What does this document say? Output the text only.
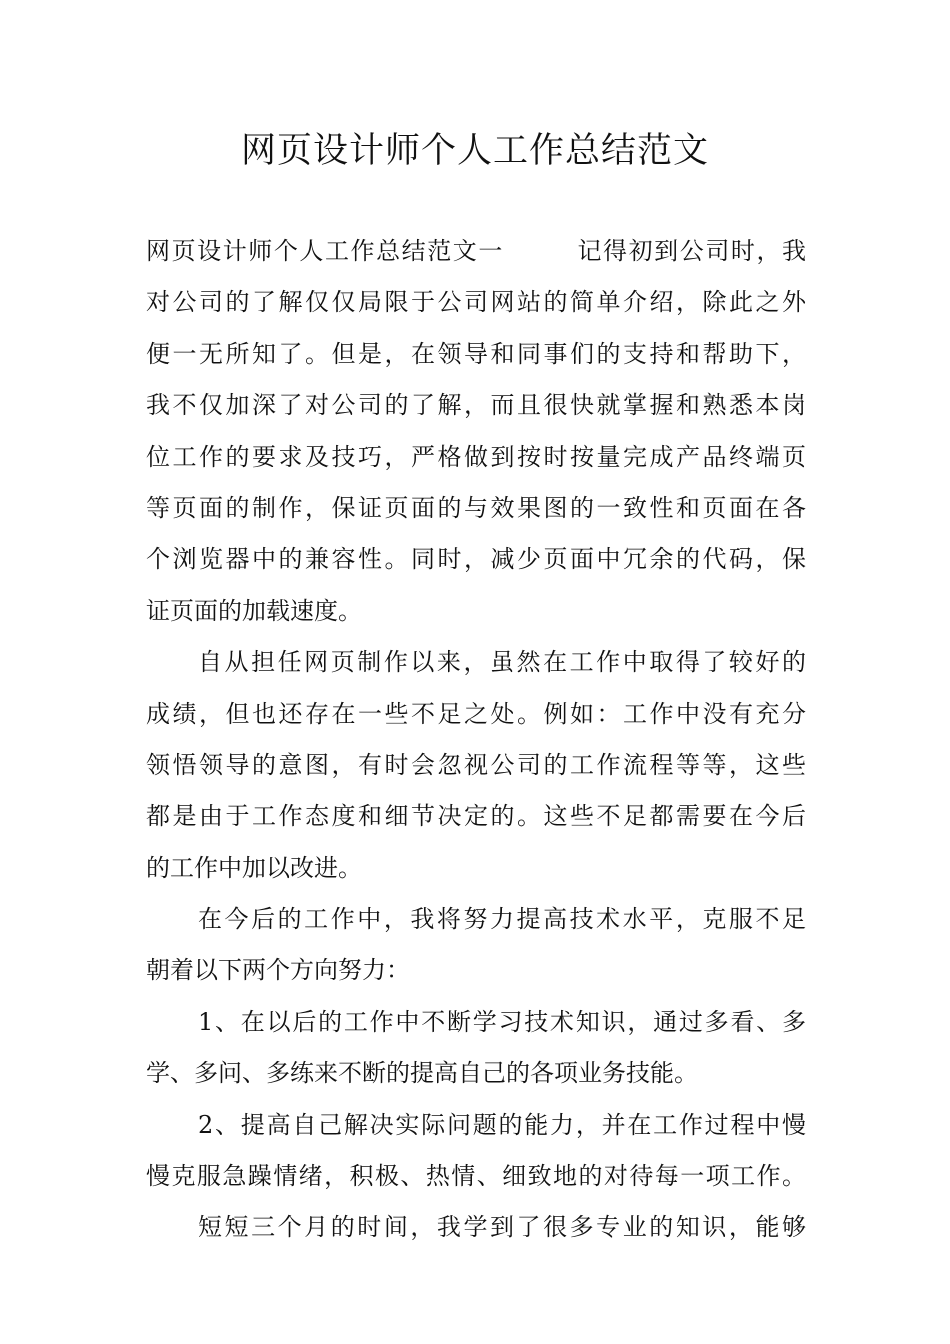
网页设计师个人工作总结范文
网页设计师个人工作总结范文一	记得初到公司时，我
对公司的了解仅仅局限于公司网站的简单介绍，除此之外
便一无所知了。但是，在领导和同事们的支持和帮助下，
我不仅加深了对公司的了解，而且很快就掌握和熟悉本岗
位工作的要求及技巧，严格做到按时按量完成产品终端页
等页面的制作，保证页面的与效果图的一致性和页面在各
个浏览器中的兼容性。同时，减少页面中冗余的代码，保
证页面的加载速度。
自从担任网页制作以来，虽然在工作中取得了较好的
成绩，但也还存在一些不足之处。例如：工作中没有充分
领悟领导的意图，有时会忽视公司的工作流程等等，这些
都是由于工作态度和细节决定的。这些不足都需要在今后
的工作中加以改进。
在今后的工作中，我将努力提高技术水平，克服不足
朝着以下两个方向努力：
1、在以后的工作中不断学习技术知识，通过多看、多
学、多问、多练来不断的提高自己的各项业务技能。
2、提高自己解决实际问题的能力，并在工作过程中慢
慢克服急躁情绪，积极、热情、细致地的对待每一项工作。
短短三个月的时间，我学到了很多专业的知识，能够
